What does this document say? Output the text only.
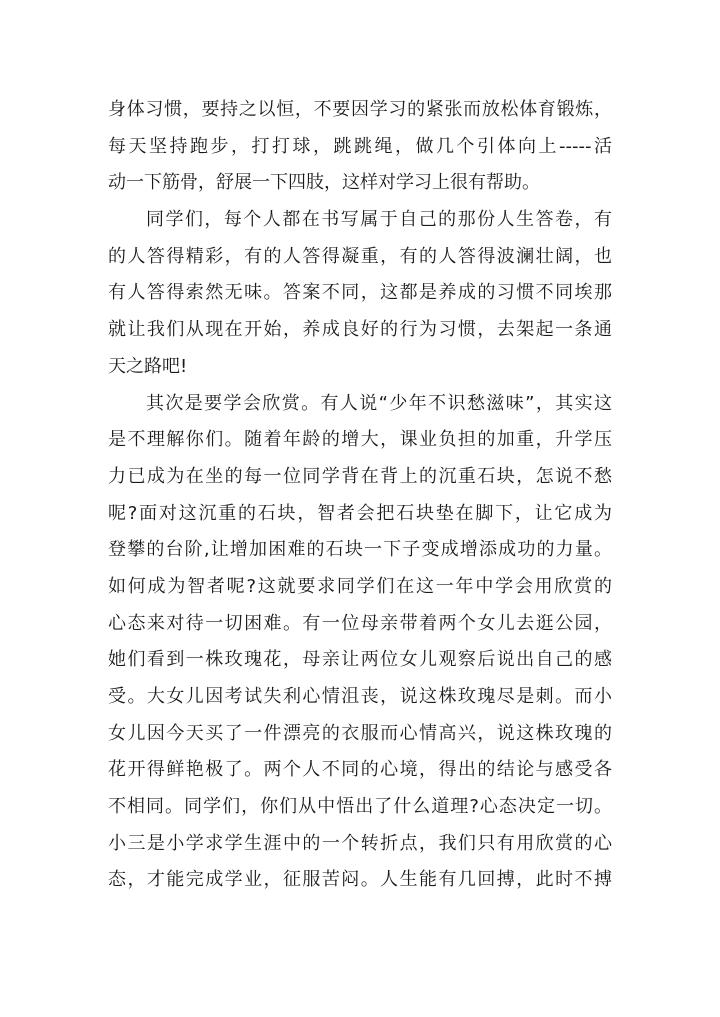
身体习惯，要持之以恒，不要因学习的紧张而放松体育锻炼，
每天坚持跑步，打打球，跳跳绳，做几个引体向上-----活
动一下筋骨，舒展一下四肢，这样对学习上很有帮助。
同学们，每个人都在书写属于自己的那份人生答卷，有
的人答得精彩，有的人答得凝重，有的人答得波澜壮阔，也
有人答得索然无味。答案不同，这都是养成的习惯不同埃那
就让我们从现在开始，养成良好的行为习惯，去架起一条通
天之路吧!
其次是要学会欣赏。有人说“少年不识愁滋味”，其实这
是不理解你们。随着年龄的增大，课业负担的加重，升学压
力已成为在坐的每一位同学背在背上的沉重石块，怎说不愁
呢?面对这沉重的石块，智者会把石块垫在脚下，让它成为
登攀的台阶,让增加困难的石块一下子变成增添成功的力量。
如何成为智者呢?这就要求同学们在这一年中学会用欣赏的
心态来对待一切困难。有一位母亲带着两个女儿去逛公园，
她们看到一株玫瑰花，母亲让两位女儿观察后说出自己的感
受。大女儿因考试失利心情沮丧，说这株玫瑰尽是刺。而小
女儿因今天买了一件漂亮的衣服而心情高兴，说这株玫瑰的
花开得鲜艳极了。两个人不同的心境，得出的结论与感受各
不相同。同学们，你们从中悟出了什么道理?心态决定一切。
小三是小学求学生涯中的一个转折点，我们只有用欣赏的心
态，才能完成学业，征服苦闷。人生能有几回搏，此时不搏
